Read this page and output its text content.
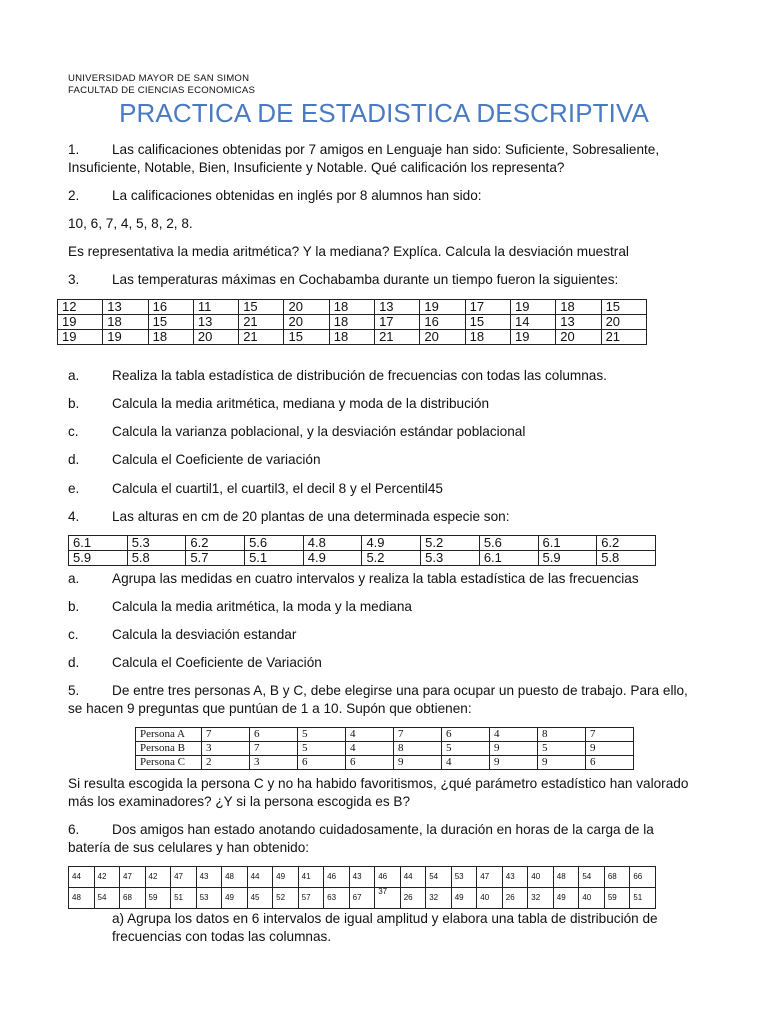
UNIVERSIDAD MAYOR DE SAN SIMON
FACULTAD DE CIENCIAS ECONOMICAS
PRACTICA DE ESTADISTICA DESCRIPTIVA
1. Las calificaciones obtenidas por 7 amigos en Lenguaje han sido: Suficiente, Sobresaliente,
Insuficiente, Notable, Bien, Insuficiente y Notable. Qué calificación los representa?
2. La calificaciones obtenidas en inglés por 8 alumnos han sido:
10, 6, 7, 4, 5, 8, 2, 8.
Es representativa la media aritmética? Y la mediana? Explíca. Calcula la desviación muestral
3. Las temperaturas máximas en Cochabamba durante un tiempo fueron la siguientes:
12	13	16	11	15	20	18	13	19	17	19	18	15
19	18	15	13	21	20	18	17	16	15	14	13	20
19	19	18	20	21	15	18	21	20	18	19	20	21
a. Realiza la tabla estadística de distribución de frecuencias con todas las columnas.
b. Calcula la media aritmética, mediana y moda de la distribución
c. Calcula la varianza poblacional, y la desviación estándar poblacional
d. Calcula el Coeficiente de variación
e. Calcula el cuartil1, el cuartil3, el decil 8 y el Percentil45
4. Las alturas en cm de 20 plantas de una determinada especie son:
6.1	5.3	6.2	5.6	4.8	4.9	5.2	5.6	6.1	6.2
5.9	5.8	5.7	5.1	4.9	5.2	5.3	6.1	5.9	5.8
a. Agrupa las medidas en cuatro intervalos y realiza la tabla estadística de las frecuencias
b. Calcula la media aritmética, la moda y la mediana
c. Calcula la desviación estandar
d. Calcula el Coeficiente de Variación
5. De entre tres personas A, B y C, debe elegirse una para ocupar un puesto de trabajo. Para ello,
se hacen 9 preguntas que puntúan de 1 a 10. Supón que obtienen:
Persona A	7	6	5	4	7	6	4	8	7
Persona B	3	7	5	4	8	5	9	5	9
Persona C	2	3	6	6	9	4	9	9	6
Si resulta escogida la persona C y no ha habido favoritismos, ¿qué parámetro estadístico han valorado
más los examinadores? ¿Y si la persona escogida es B?
6. Dos amigos han estado anotando cuidadosamente, la duración en horas de la carga de la
batería de sus celulares y han obtenido:
44	42	47	42	47	43	48	44	49	41	46	43	46	44	54	53	47	43	40	48	54	68	66
48	54	68	59	51	53	49	45	52	57	63	67	37	26	32	49	40	26	32	49	40	59	51
a) Agrupa los datos en 6 intervalos de igual amplitud y elabora una tabla de distribución de
frecuencias con todas las columnas.
